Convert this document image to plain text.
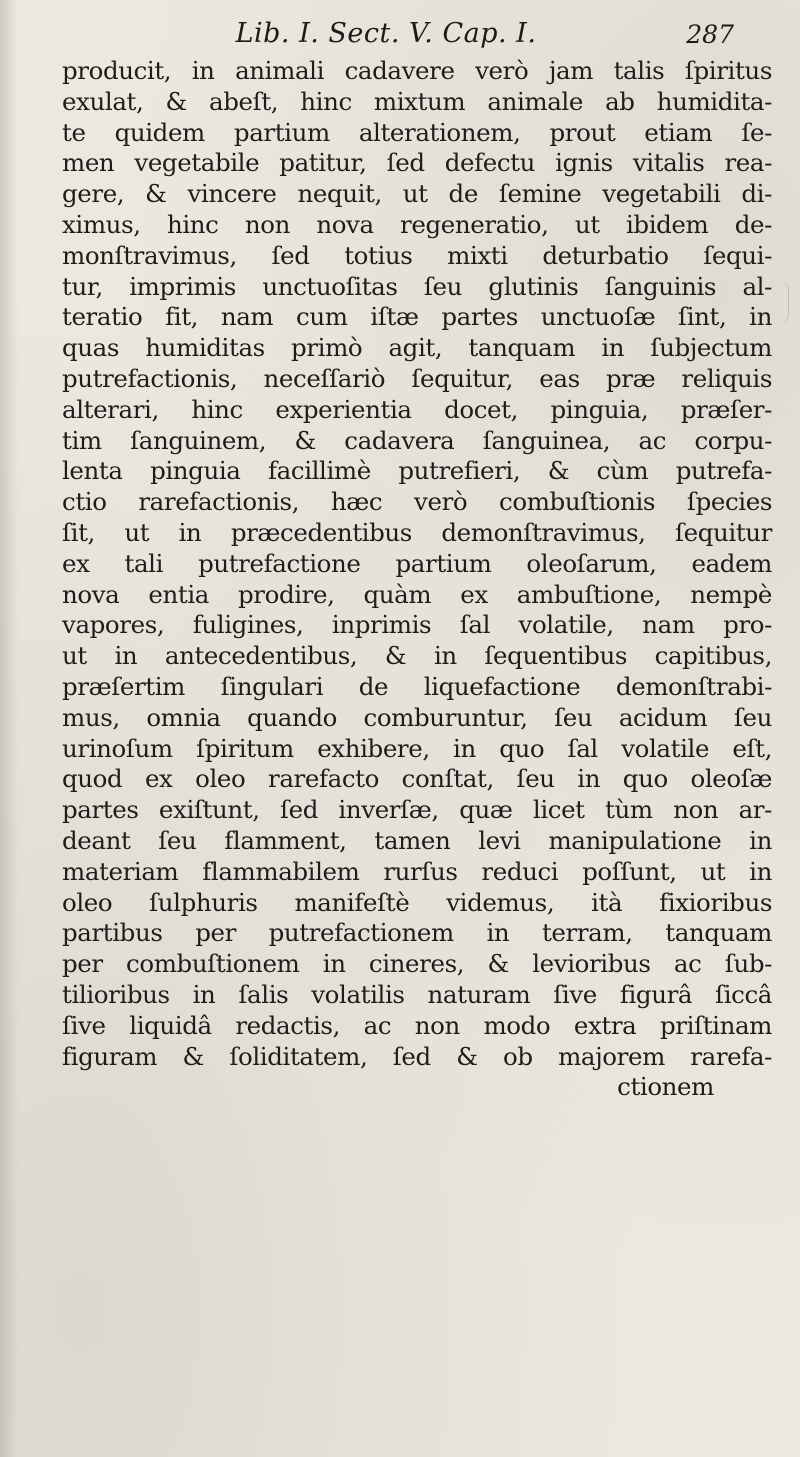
Lib. I. Sect. V. Cap. I.	287
producit, in animali cadavere verò jam talis ſpiritus
exulat, & abeſt, hinc mixtum animale ab humidita-
te quidem partium alterationem, prout etiam ſe-
men vegetabile patitur, ſed defectu ignis vitalis rea-
gere, & vincere nequit, ut de ſemine vegetabili di-
ximus, hinc non nova regeneratio, ut ibidem de-
monſtravimus, ſed totius mixti deturbatio ſequi-
tur, imprimis unctuoſitas ſeu glutinis ſanguinis al-
teratio fit, nam cum iſtæ partes unctuoſæ ſint, in
quas humiditas primò agit, tanquam in ſubjectum
putrefactionis, neceſſariò ſequitur, eas præ reliquis
alterari, hinc experientia docet, pinguia, præſer-
tim ſanguinem, & cadavera ſanguinea, ac corpu-
lenta pinguia facillimè putrefieri, & cùm putrefa-
ctio rarefactionis, hæc verò combuſtionis ſpecies
ſit, ut in præcedentibus demonſtravimus, ſequitur
ex tali putrefactione partium oleoſarum, eadem
nova entia prodire, quàm ex ambuſtione, nempè
vapores, fuligines, inprimis ſal volatile, nam pro-
ut in antecedentibus, & in ſequentibus capitibus,
præſertim ſingulari de liquefactione demonſtrabi-
mus, omnia quando comburuntur, ſeu acidum ſeu
urinoſum ſpiritum exhibere, in quo ſal volatile eſt,
quod ex oleo rarefacto conſtat, ſeu in quo oleoſæ
partes exiſtunt, ſed inverſæ, quæ licet tùm non ar-
deant ſeu flamment, tamen levi manipulatione in
materiam flammabilem rurſus reduci poſſunt, ut in
oleo ſulphuris manifeſtè videmus, ità fixioribus
partibus per putrefactionem in terram, tanquam
per combuſtionem in cineres, & levioribus ac ſub-
tilioribus in ſalis volatilis naturam ſive figurâ ſiccâ
ſive liquidâ redactis, ac non modo extra priſtinam
figuram & ſoliditatem, ſed & ob majorem rarefa-
ctionem
